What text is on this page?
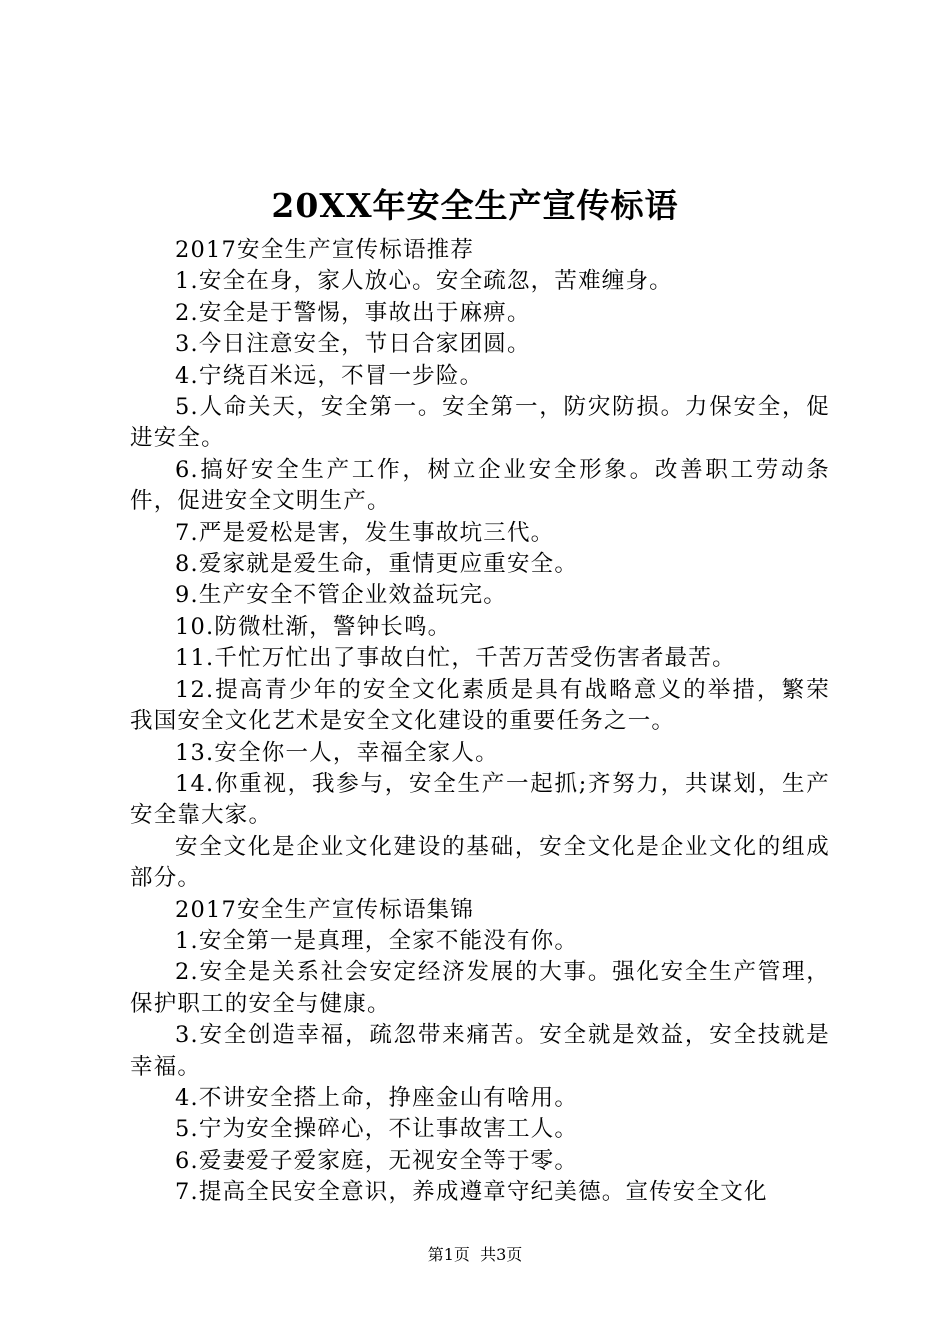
20XX年安全生产宣传标语

2017安全生产宣传标语推荐

1.安全在身，家人放心。安全疏忽，苦难缠身。

2.安全是于警惕，事故出于麻痹。

3.今日注意安全，节日合家团圆。

4.宁绕百米远，不冒一步险。

5.人命关天，安全第一。安全第一，防灾防损。力保安全，促进安全。

6.搞好安全生产工作，树立企业安全形象。改善职工劳动条件，促进安全文明生产。

7.严是爱松是害，发生事故坑三代。

8.爱家就是爱生命，重情更应重安全。

9.生产安全不管企业效益玩完。

10.防微杜渐，警钟长鸣。

11.千忙万忙出了事故白忙，千苦万苦受伤害者最苦。

12.提高青少年的安全文化素质是具有战略意义的举措，繁荣我国安全文化艺术是安全文化建设的重要任务之一。

13.安全你一人，幸福全家人。

14.你重视，我参与，安全生产一起抓;齐努力，共谋划，生产安全靠大家。

安全文化是企业文化建设的基础，安全文化是企业文化的组成部分。

2017安全生产宣传标语集锦

1.安全第一是真理，全家不能没有你。

2.安全是关系社会安定经济发展的大事。强化安全生产管理，保护职工的安全与健康。

3.安全创造幸福，疏忽带来痛苦。安全就是效益，安全技就是幸福。

4.不讲安全搭上命，挣座金山有啥用。

5.宁为安全操碎心，不让事故害工人。

6.爱妻爱子爱家庭，无视安全等于零。

7.提高全民安全意识，养成遵章守纪美德。宣传安全文化

第1页 共3页
